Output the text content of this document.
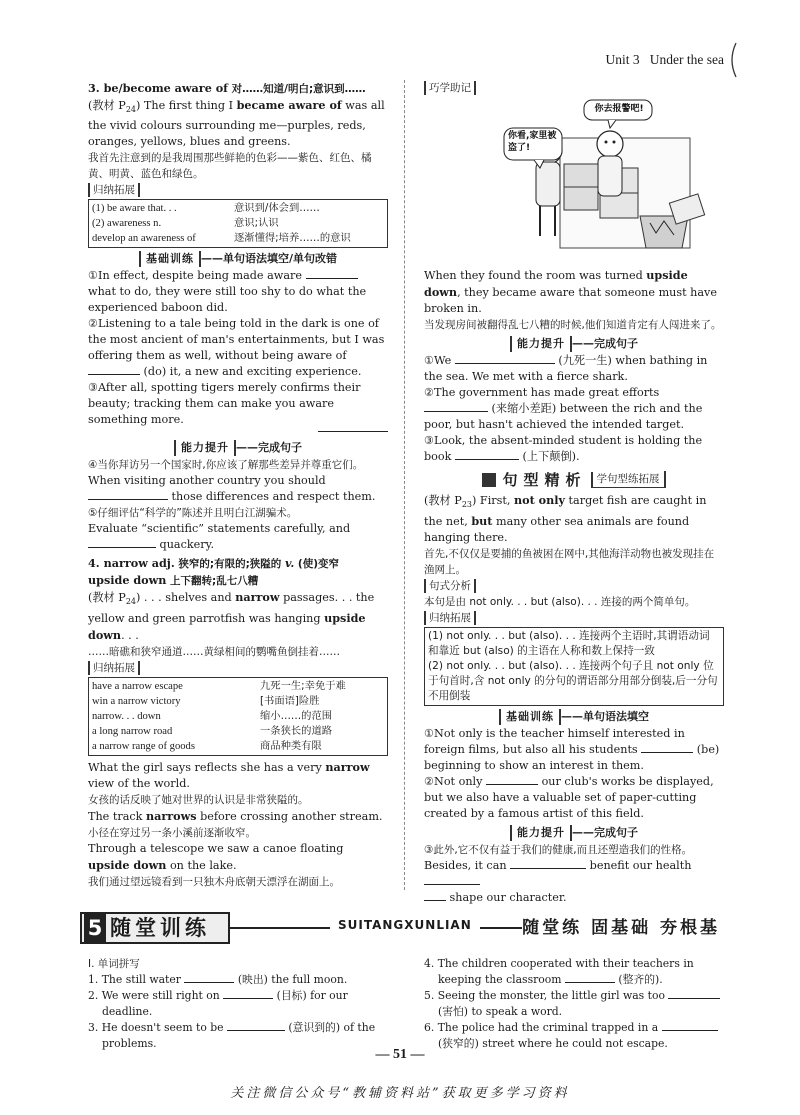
Unit 3 Under the sea
3. be/become aware of 对……知道/明白;意识到……
(教材 $P_{24}$) The first thing I became aware of was all the vivid colours surrounding me—purples, reds, oranges, yellows, blues and greens.
我首先注意到的是我周围那些鲜艳的色彩——紫色、红色、橘黄、明黄、蓝色和绿色。
归纳拓展
(1) be aware that. . .	意识到/体会到……
(2) awareness n.	意识;认识
develop an awareness of	逐渐懂得;培养……的意识
基础训练 ——单句语法填空/单句改错
①In effect, despite being made aware  what to do, they were still too shy to do what the experienced baboon did.
②Listening to a tale being told in the dark is one of the most ancient of man's entertainments, but I was offering them as well, without being aware of  (do) it, a new and exciting experience.
③After all, spotting tigers merely confirms their beauty; tracking them can make you aware something more.
能力提升 ——完成句子
④当你拜访另一个国家时,你应该了解那些差异并尊重它们。
When visiting another country you should  those differences and respect them.
⑤仔细评估“科学的”陈述并且明白江湖骗术。
Evaluate “scientific” statements carefully, and  quackery.
4. narrow adj. 狭窄的;有限的;狭隘的 v. (使)变窄
upside down 上下翻转;乱七八糟
(教材 $P_{24}$) . . . shelves and narrow passages. . . the yellow and green parrotfish was hanging upside down. . .
……暗礁和狭窄通道……黄绿相间的鹦嘴鱼倒挂着……
归纳拓展
have a narrow escape	九死一生;幸免于难
win a narrow victory	[书面语]险胜
narrow. . . down	缩小……的范围
a long narrow road	一条狭长的道路
a narrow range of goods	商品种类有限
What the girl says reflects she has a very narrow view of the world.
女孩的话反映了她对世界的认识是非常狭隘的。
The track narrows before crossing another stream.
小径在穿过另一条小溪前逐渐收窄。
Through a telescope we saw a canoe floating upside down on the lake.
我们通过望远镜看到一只独木舟底朝天漂浮在湖面上。
巧学助记
你看,家里被盗了!
你去报警吧!
When they found the room was turned upside down, they became aware that someone must have broken in.
当发现房间被翻得乱七八糟的时候,他们知道肯定有人闯进来了。
能力提升 ——完成句子
①We	(九死一生) when bathing in the sea. We met with a fierce shark.
②The government has made great efforts  (来缩小差距) between the rich and the poor, but hasn't achieved the intended target.
③Look, the absent-minded student is holding the book	(上下颠倒).
句型精析 学句型练拓展
(教材 $P_{23}$) First, not only target fish are caught in the net, but many other sea animals are found hanging there.
首先,不仅仅是要捕的鱼被困在网中,其他海洋动物也被发现挂在渔网上。
句式分析
本句是由 not only. . . but (also). . . 连接的两个简单句。
归纳拓展
(1) not only. . . but (also). . . 连接两个主语时,其谓语动词和靠近 but (also) 的主语在人称和数上保持一致
(2) not only. . . but (also). . . 连接两个句子且 not only 位于句首时,含 not only 的分句的谓语部分用部分倒装,后一分句不用倒装
基础训练 ——单句语法填空
①Not only is the teacher himself interested in foreign films, but also all his students	(be) beginning to show an interest in them.
②Not only	our club's works be displayed, but we also have a valuable set of paper-cutting created by a famous artist of this field.
能力提升 ——完成句子
③此外,它不仅有益于我们的健康,而且还塑造我们的性格。
Besides, it can	benefit our health
shape our character.
5 随堂训练	SUITANGXUNLIAN	随堂练 固基础 夯根基
Ⅰ. 单词拼写
1. The still water	(映出) the full moon.
2. We were still right on	(目标) for our deadline.
3. He doesn't seem to be	(意识到的) of the problems.
4. The children cooperated with their teachers in keeping the classroom	(整齐的).
5. Seeing the monster, the little girl was too  (害怕) to speak a word.
6. The police had the criminal trapped in a  (狭窄的) street where he could not escape.
— 51 —
关注微信公众号“教辅资料站”获取更多学习资料
